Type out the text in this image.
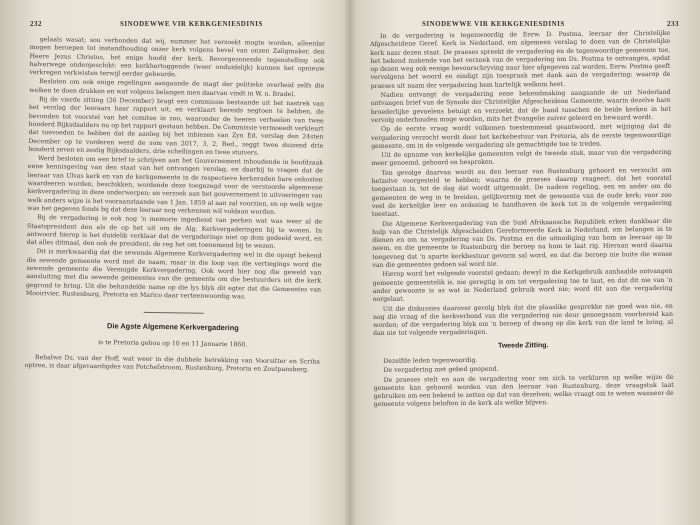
232	SINODEWWE VIR KERKGENIESDINIS

gelaals wasat; sou verbonden dat wij, nummer het verzoekt mogte worden, alleenlar mogen beroepen tot instandhouding onzer kerk volgens bevel van onzen Zaligmaker, den Heere Jezus Christus, het enige hoofd der kerk. Bevorgezonende tegenstelling ook halverwege ondergeschikt: een kerkhertoggende (weer onduidelijk) kunnen het opnieuw verkregen verkwisten terwijl eerder gebeurde.

Besloten om ook enige regelingen aangaande de magt der politieke overheid zelfs die welken te doen drukken en wat volgens belangen men daarvan vindt in W. n. Bradel.

Bij de vierde zitting (26 December) bragt een commissie bestaande uit het nastrek van het verslag der leeraars haar rapport uit, en verklaart bereids negtoen te hebben, de bevonden tot voorstel van het comitee in zoo, waaronder de heeren verheelen van twee honderd Rijksdaalders nu op het rapport gestaan hebben. De Commissie vermoeedt verkleurt dat toevoeden te hebben dat de aanleg bij het inbiezen van Zyn Ed. verslag den 24sten December op te vorderen werd de som van 2017, 3, 2, Red., zeggt twee duizend drie honderd zeven en zestig Rijksdaalders, drie schellingen en twee stuivers.

Werd besloten om een brief te schrijven aan het Gouvernement inhoudende in hoofdzaak eene kennisgeving van den staat van het ontvangen verslag, en daarbij te vragen dat de leeraar van Ulvas kerk en van de kerkgemeente in de respectieve kerkeraden hare onkosten waardeeren worden, beschikken, wordende deze toegezegd voor de verstoorde algemeene kerkvergadering in deze onderwerpen; en verzoek aan het gouvernement in uitvoeringen van welk anders wijze is het vooraanstaande van 1 Jan. 1859 al aan zal voorzien, en op welk wijze was het gegeven fonds bij dat deze leeraar nog verkennen wil voldaan worden.

Bij de vergadering is ook nog 'n memorie ingediend van perken wat was weer al de Staatspresident den als de op het uit om de Alg. Kerkvergaderingen bij te wonen. In antwoord hierop is het duidelik verklaar dat de vergaderings niet op dom gedeeld word, en dat alles ditmaal, den ook de president, de reg het om toenemend bij te wezen.

Dit is merkwaardig dat die sewende Algemene Kerkvergadering wel in die opsigt bekend die sewende gemeente word met de naam, maar in die loop van die vertiegings word die sewende gemeente die Verenigde Kerkvergadering. Ook word hier nog die geweld van aansluiting met die sewende gemeentes van die gemeente om die bestuurders uit die kerk gegrond te bring. Uit die behandelde name op die lys blyk dit egter dat die Gemeentes van Mooirivier, Rustenburg, Pretoria en Marico daar verteenwoordig was.

Die Agste Algemene Kerkvergadering
is te Pretoria gehou op 10 en 11 Januarie 1860.

Behalwe Ds. van der Hoff, wat weer in die dubbele betrekking van Voorsitter en Scriba optree, is daar afgevaardigdes van Potchefstroom, Rustenburg, Pretoria en Zoutpansberg.

SINODEWWE VIR KERKGENIESDINIS	233

In de vergadering is tegenwoordig de Eerw. D. Postma, leeraar der Christelijke Afgescheidene Geref. Kerk in Nederland, om algemeen verslag te doen van de Christelijke kerk naar dezen staat. De praeses spreekt de vergadering en de tegenwoordige gemeente toe, het bekend makende van het verzoek van de vergadering om Ds. Postma te ontvangen, opdat op dezen weg ook eenige bevoorschryving naar hier afgegeven zal worden. Eerw. Postma geeft vervolgens het woord en eindigt zijn toespraak met dank aan de vergadering; waarop de praeses uit naam der vergadering hem hartelijk welkom heet.

Nadien ontvangt de vergadering eene bekendmaking aangaande de uit Nederland ontvangen brief van de Synode der Christelijke Afgescheidene Gemeente, waarin dezelve hare broederlijke gevoelens betuigt en verzoekt, dat de band tusschen de beide kerken in het vervolg onderhouden moge worden, mits het Evangelie zuiver geleerd en bewaard wordt.

Op de eerste vraag wordt volkomen toestemmend geantwoord, met wijziging dat de vergadering verzocht wordt door het kerkebestuur van Pretoria, als de eerste tegenwoordige gemeente, om in de volgende vergadering als gemachtigde toe te treden.

Uit de opname van kerkelijke gemeenten volgt de tweede stuk, maar van die vergadering meer genoemd, gehoord en besproken.

Ten gevolge daarvan wordt en den leeraar van Rustenburg gehoord en verzocht om hetzelve voorgesteld te hebben; waarna de praeses daarop reageert, dat het voorstel toegestaan is, tot de dag dat wordt uitgemaakt. De nadere regeling, een en ander om de gemeenten de weg in te breiden, gelijkvormig met de gewoonte van de oude kerk; voor zoo veel de kerkelijke leer en ordening te handhaven de kerk tot in de volgende vergadering toestaat.

Die Algemene Kerkvergadering van die Suid Afrikaansche Republiek erken dankbaar die hulp van die Christelijk Afgescheiden Gereformeerde Kerk in Nederland, om belangen in te dienen en om na vergadering van Ds. Postma en die uitnodiging van hom as leeraar op te neem, en die gemeente te Rustenburg die beroep na hom te laat rig. Hieraan word daarna toegevoeg dat 'n aparte kerkbestuur gevorm sal word, en dat die beroep nie buite die wense van die gemeentes gedoen sal word nie.

Hierop word het volgende voorstel gedaan; dewyl in die Kerkgebruik aanhaalde ontvangen gemeente gemeentelik is, nie geregtig is om tot vergadering toe te laat, en dat dit nie van 'n ander gewoonte is as wat in Nederland gebruik word nie; word dit aan die vergadering oorgelaat.

Uit die diskussies daarover gevolg blyk dat die plaaslike gesprekke nie goed was nie, en nog die vraag of die kerkverbond van die vergadering nie deur genoegsaam voorbereid kan worden; of die vergadering blyk om 'n beroep of dwang op die kerk van die land te bring, al dan nie tot volgende vergaderingen.

Tweede Zitting.

Dezelfde leden tegenwoordig.

De vergadering met gebed geopend.

De praeses stelt en aan de vergadering voor om zich te verklaren op welke wijze de gemeente kan gehoord worden van den leeraar van Rustenburg, deze vraagstuk laat gebruiken om een bekend te zetten op dat van dezelven; welke vraagt om te weten wanneer de gemeente volgens beloften in de kerk als welke blijven.
